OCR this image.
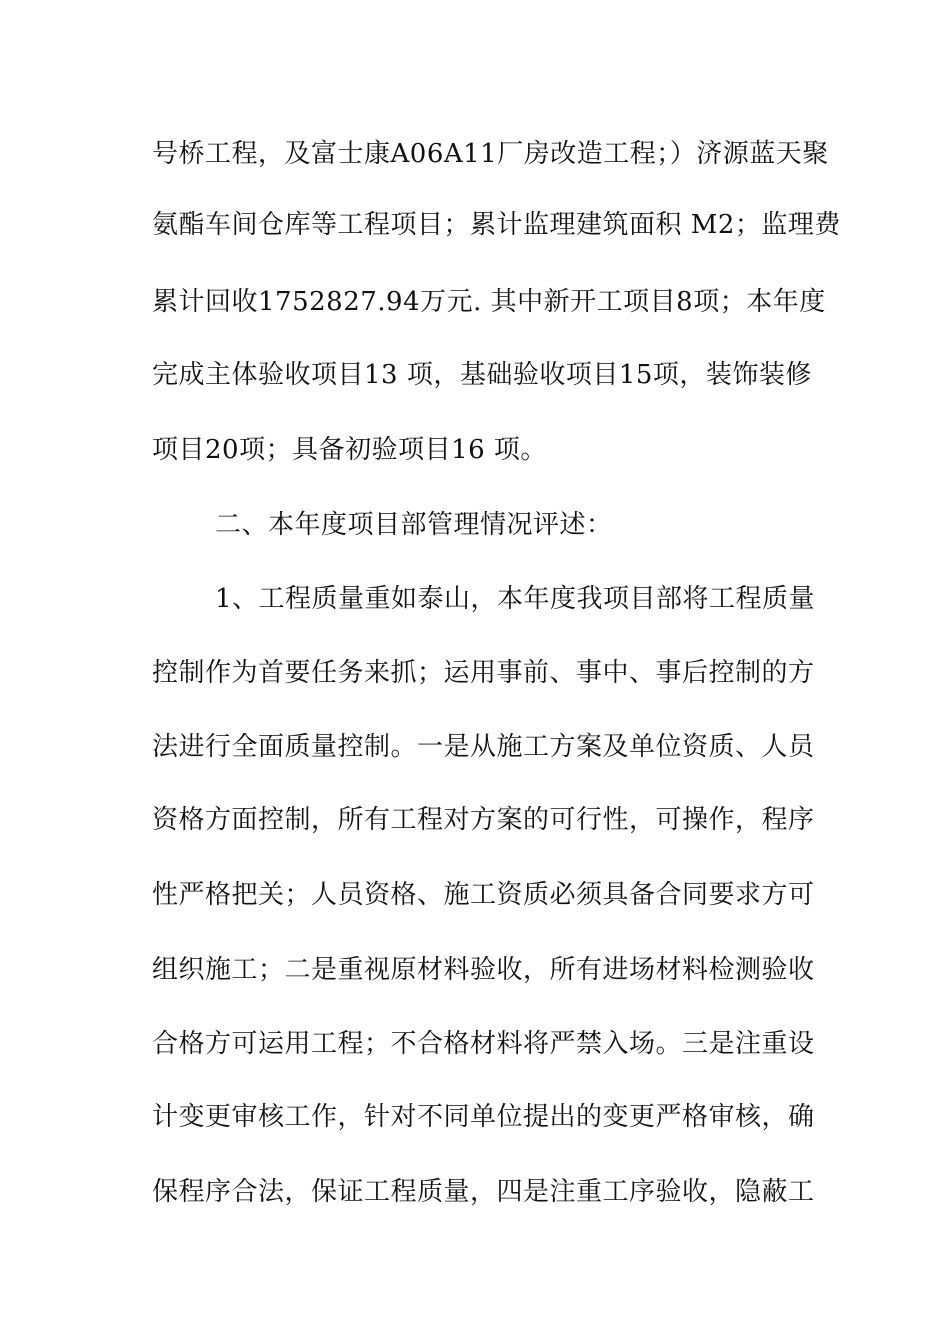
号桥工程，及富士康A06A11厂房改造工程；）济源蓝天聚
氨酯车间仓库等工程项目；累计监理建筑面积 M2；监理费
累计回收1752827.94万元. 其中新开工项目8项；本年度
完成主体验收项目13 项，基础验收项目15项，装饰装修
项目20项；具备初验项目16 项。
二、本年度项目部管理情况评述：
1、工程质量重如泰山，本年度我项目部将工程质量
控制作为首要任务来抓；运用事前、事中、事后控制的方
法进行全面质量控制。一是从施工方案及单位资质、人员
资格方面控制，所有工程对方案的可行性，可操作，程序
性严格把关；人员资格、施工资质必须具备合同要求方可
组织施工；二是重视原材料验收，所有进场材料检测验收
合格方可运用工程；不合格材料将严禁入场。三是注重设
计变更审核工作，针对不同单位提出的变更严格审核，确
保程序合法，保证工程质量，四是注重工序验收，隐蔽工
